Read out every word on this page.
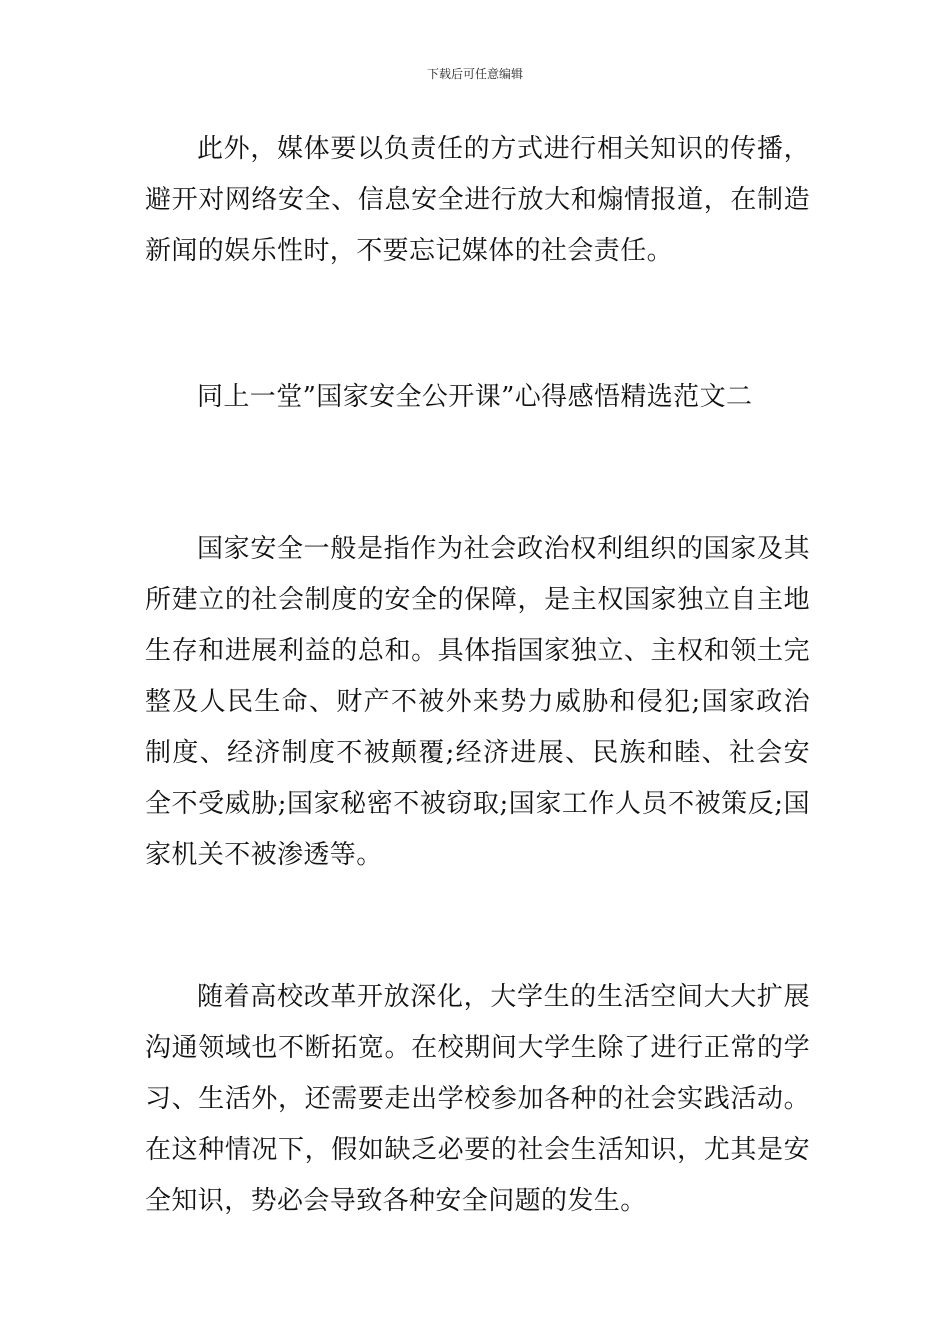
下载后可任意编辑

此外，媒体要以负责任的方式进行相关知识的传播，避开对网络安全、信息安全进行放大和煽情报道，在制造新闻的娱乐性时，不要忘记媒体的社会责任。

同上一堂”国家安全公开课”心得感悟精选范文二

国家安全一般是指作为社会政治权利组织的国家及其所建立的社会制度的安全的保障，是主权国家独立自主地生存和进展利益的总和。具体指国家独立、主权和领土完整及人民生命、财产不被外来势力威胁和侵犯;国家政治制度、经济制度不被颠覆;经济进展、民族和睦、社会安全不受威胁;国家秘密不被窃取;国家工作人员不被策反;国家机关不被渗透等。

随着高校改革开放深化，大学生的生活空间大大扩展沟通领域也不断拓宽。在校期间大学生除了进行正常的学习、生活外，还需要走出学校参加各种的社会实践活动。在这种情况下，假如缺乏必要的社会生活知识，尤其是安全知识，势必会导致各种安全问题的发生。
